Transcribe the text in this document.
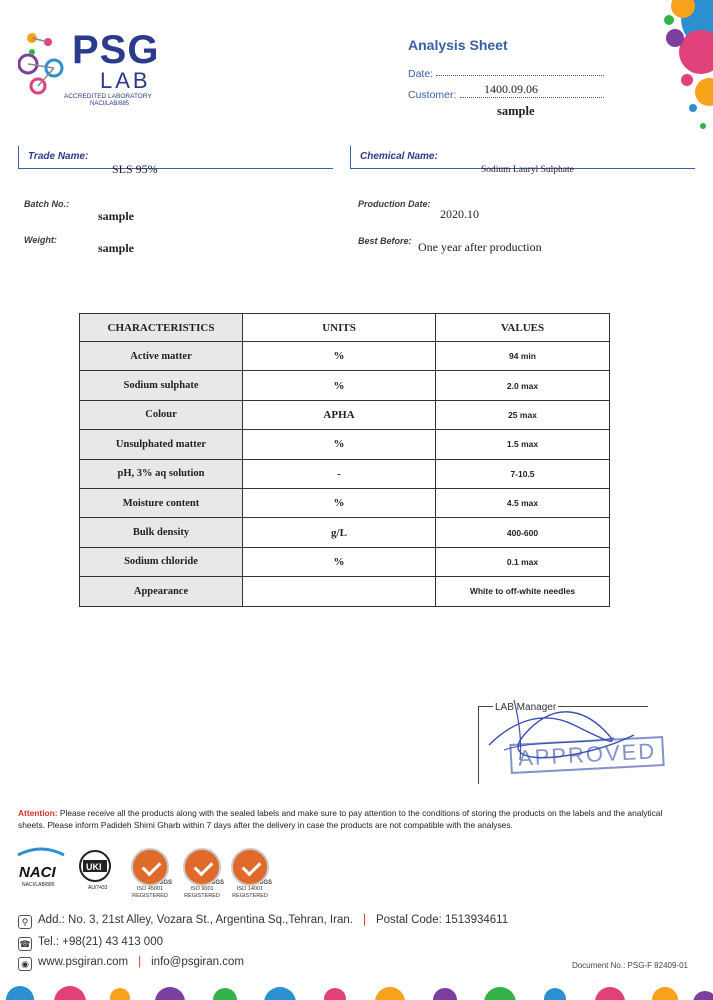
PSG
LAB
ACCREDITED LABORATORY
NACI/LAB/885
Analysis Sheet
Date:
Customer: 1400.09.06
sample
Trade Name:
SLS 95%
Chemical Name:
Sodium Lauryl Sulphate
Batch No.:
sample
Production Date:
2020.10
Weight:
sample	Best Before: One year after production
CHARACTERISTICS	UNITS	VALUES
Active matter	%	94 min
Sodium sulphate	%	2.0 max
Colour	APHA	25 max
Unsulphated matter	%	1.5 max
pH, 3% aq solution	-	7-10.5
Moisture content	%	4.5 max
Bulk density	g/L	400-600
Sodium chloride	%	0.1 max
Appearance		White to off-white needles
LAB Manager
APPROVED
Attention: Please receive all the products along with the sealed labels and make sure to pay attention to the conditions of storing the products on the labels and the analytical sheets. Please inform Padideh Shimi Gharb within 7 days after the delivery in case the products are not compatible with the analyses.
NACI
NACI/LAB/885
UKI
AU/7433
SGS
ISO 45001
REGISTERED
SGS
ISO 9001
REGISTERED
SGS
ISO 14001
REGISTERED
⚲ Add.: No. 3, 21st Alley, Vozara St., Argentina Sq.,Tehran, Iran. | Postal Code: 1513934611
☎ Tel.: +98(21) 43 413 000
◉ www.psgiran.com | info@psgiran.com	Document No.: PSG-F 82409-01
